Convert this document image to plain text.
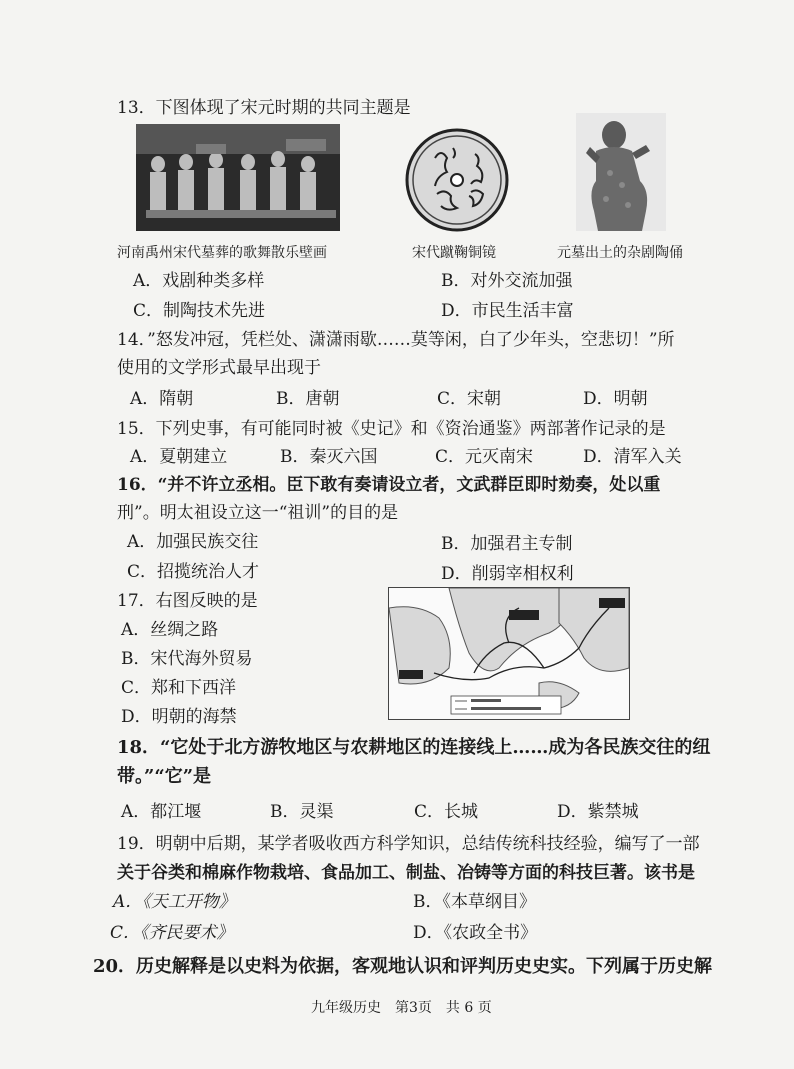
13．下图体现了宋元时期的共同主题是
河南禹州宋代墓葬的歌舞散乐壁画	宋代蹴鞠铜镜	元墓出土的杂剧陶俑
A．戏剧种类多样	B．对外交流加强
C．制陶技术先进	D．市民生活丰富
14．”怒发冲冠，凭栏处、潇潇雨歇……莫等闲，白了少年头，空悲切！”所
使用的文学形式最早出现于
A．隋朝	B．唐朝	C．宋朝	D．明朝
15．下列史事，有可能同时被《史记》和《资治通鉴》两部著作记录的是
A．夏朝建立	B．秦灭六国	C．元灭南宋	D．清军入关
16．“并不许立丞相。臣下敢有奏请设立者，文武群臣即时劾奏，处以重
刑”。明太祖设立这一“祖训”的目的是
A．加强民族交往	B．加强君主专制
C．招揽统治人才	D．削弱宰相权利
17．右图反映的是
A．丝绸之路
B．宋代海外贸易
C．郑和下西洋
D．明朝的海禁
18．“它处于北方游牧地区与农耕地区的连接线上……成为各民族交往的纽
带。”“它”是
A．都江堰	B．灵渠	C．长城	D．紫禁城
19．明朝中后期，某学者吸收西方科学知识，总结传统科技经验，编写了一部
关于谷类和棉麻作物栽培、食品加工、制盐、冶铸等方面的科技巨著。该书是
A．《天工开物》	B．《本草纲目》
C．《齐民要术》	D．《农政全书》
20．历史解释是以史料为依据，客观地认识和评判历史史实。下列属于历史解
九年级历史　第3页　共 6 页
